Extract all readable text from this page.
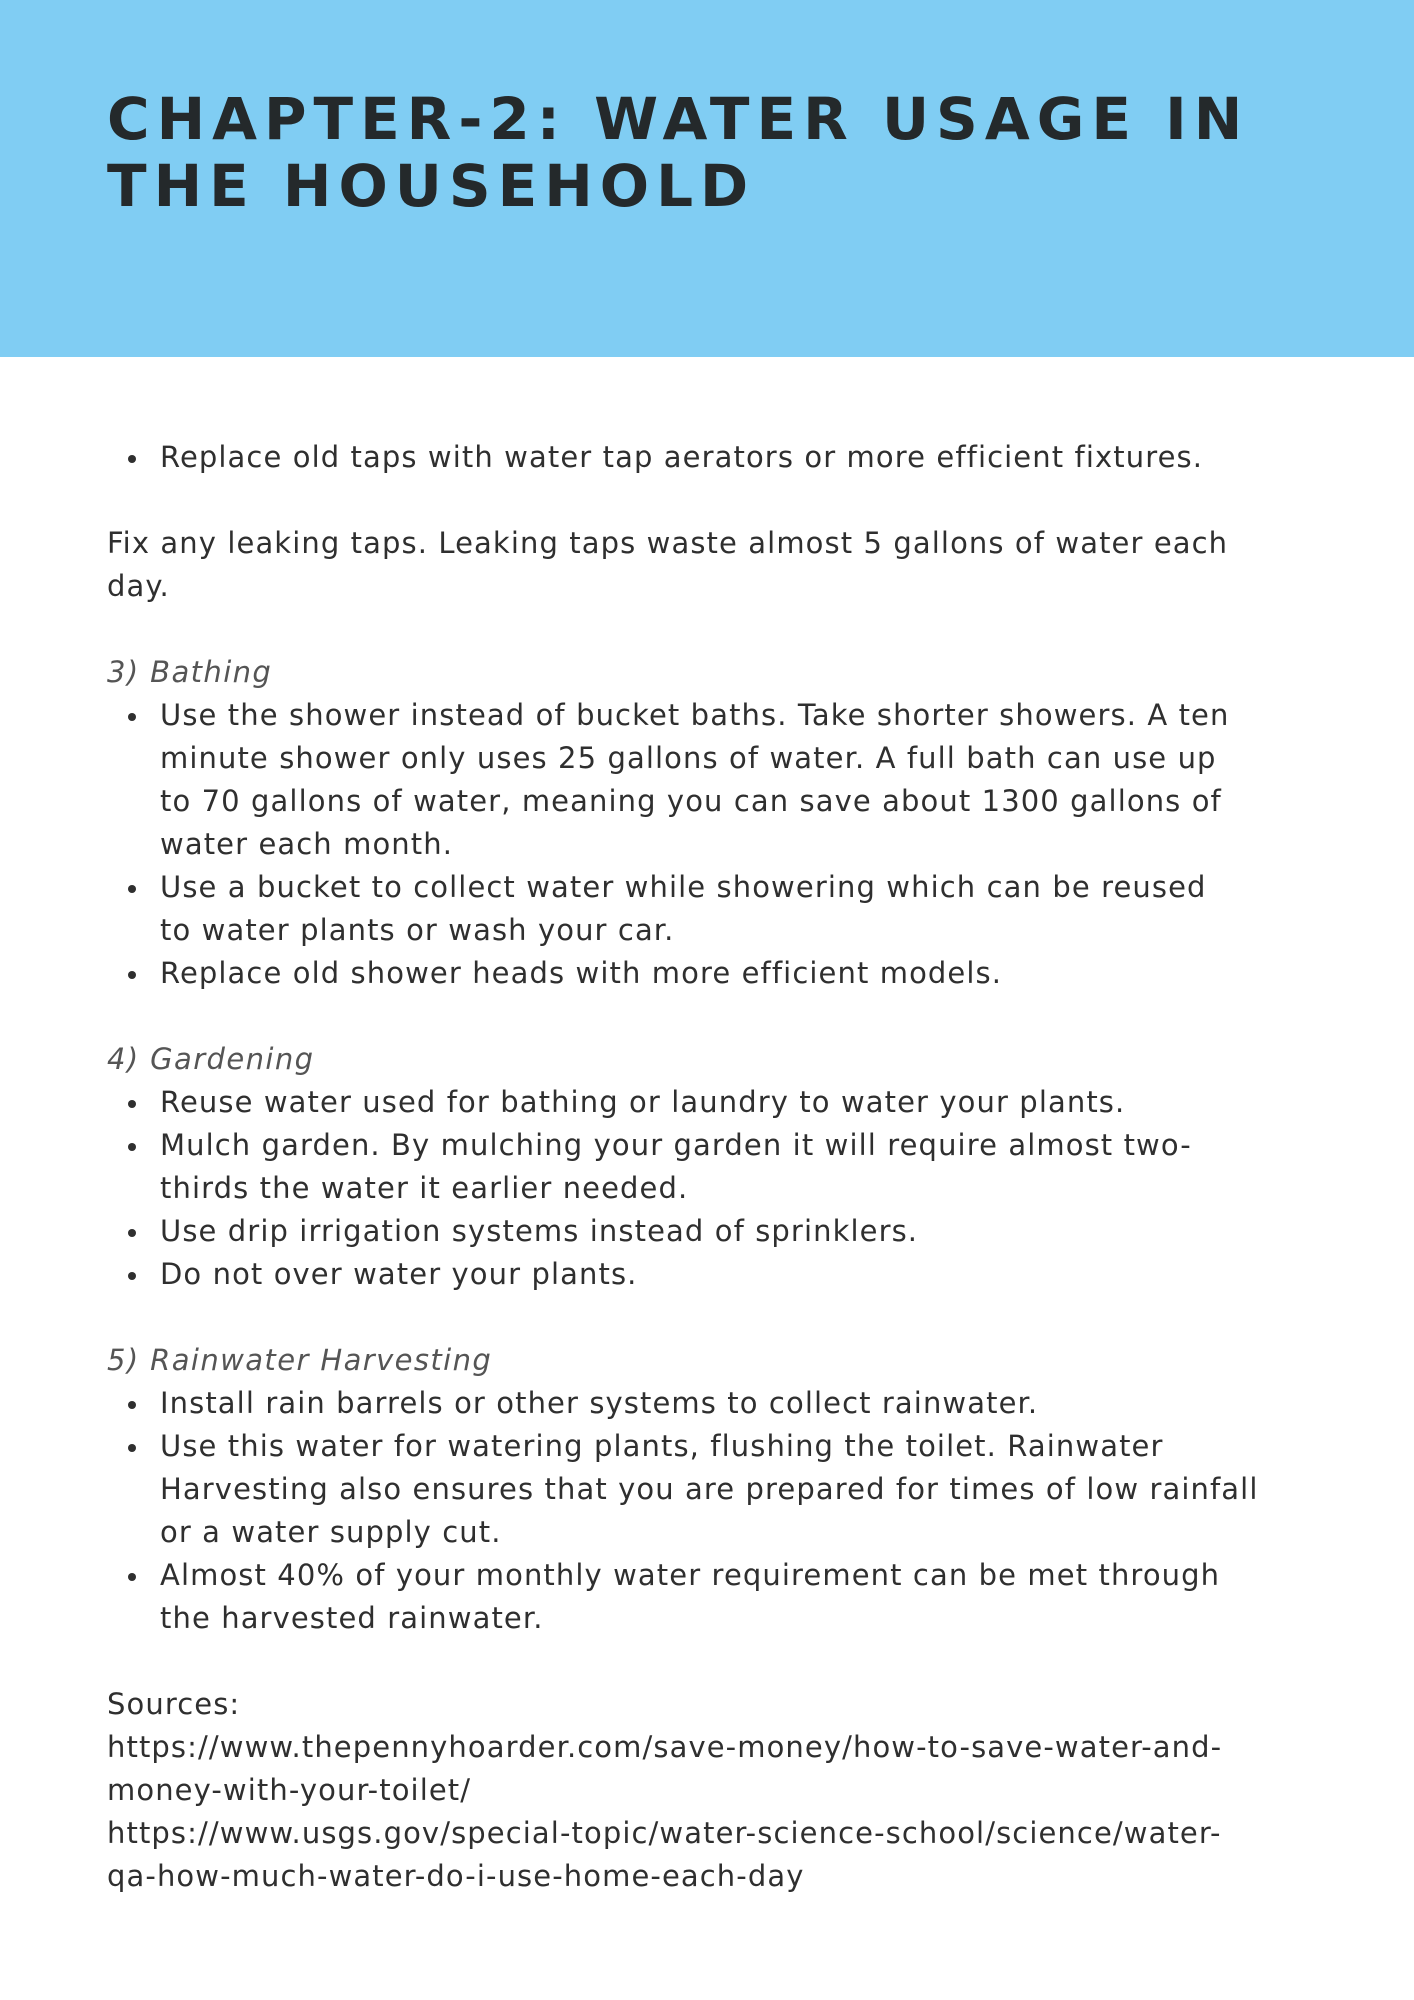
CHAPTER-2: WATER USAGE IN
THE HOUSEHOLD
Replace old taps with water tap aerators or more efficient fixtures.

Fix any leaking taps. Leaking taps waste almost 5 gallons of water each
day.

3) Bathing

Use the shower instead of bucket baths. Take shorter showers. A ten
minute shower only uses 25 gallons of water. A full bath can use up
to 70 gallons of water, meaning you can save about 1300 gallons of
water each month.
Use a bucket to collect water while showering which can be reused
to water plants or wash your car.
Replace old shower heads with more efficient models.

4) Gardening

Reuse water used for bathing or laundry to water your plants.
Mulch garden. By mulching your garden it will require almost two-
thirds the water it earlier needed.
Use drip irrigation systems instead of sprinklers.
Do not over water your plants.

5) Rainwater Harvesting

Install rain barrels or other systems to collect rainwater.
Use this water for watering plants, flushing the toilet. Rainwater
Harvesting also ensures that you are prepared for times of low rainfall
or a water supply cut.
Almost 40% of your monthly water requirement can be met through
the harvested rainwater.

Sources:

https://www.thepennyhoarder.com/save-money/how-to-save-water-and-
money-with-your-toilet/

https://www.usgs.gov/special-topic/water-science-school/science/water-
qa-how-much-water-do-i-use-home-each-day
